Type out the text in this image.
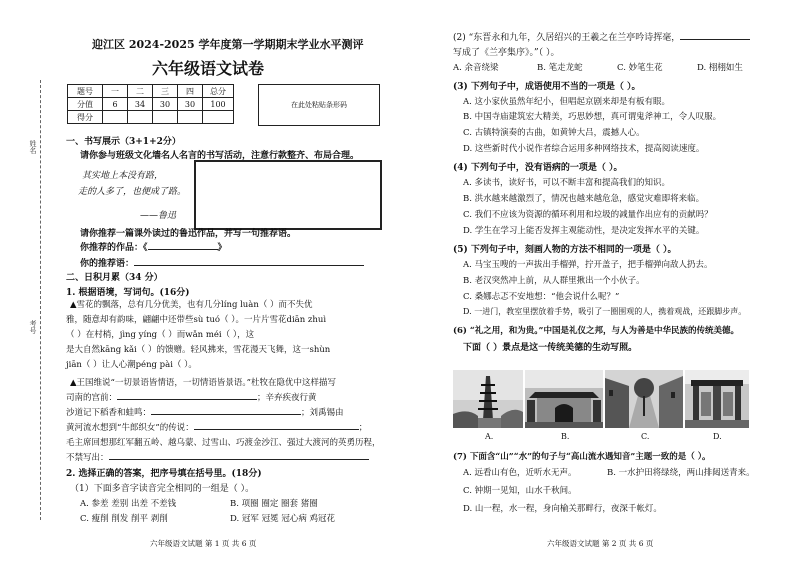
姓名
考号
迎江区 2024-2025 学年度第一学期期末学业水平测评
六年级语文试卷
题号	一	二	三	四	总分
分值	6	34	30	30	100
得分					
在此处粘贴条形码
一、书写展示（3+1+2分）
请你参与班级文化墙名人名言的书写活动，注意行款整齐、布局合理。
其实地上本没有路，
走的人多了，也便成了路。
——鲁迅
请你推荐一篇课外读过的鲁迅作品，并写一句推荐语。
你推荐的作品：《	》
你的推荐语：
二、日积月累（34 分）
1. 根据语境，写词句。(16分)
▲雪花的飘落，总有几分优美，也有几分líng luàn（ ）而不失优
雅，随意却有韵味，翩翩中还带些sù tuó（ ）。一片片雪花diān zhuì
（ ）在村梢，jìng yíng（ ）而wǎn méi（ ），这
是大自然kāng kǎi（ ）的馈赠。轻风拂来，雪花漫天飞舞，这一shùn
jiān（ ）让人心潮péng pài（ ）。
▲王国维说“一切景语皆情语，一切情语皆景语。”杜牧在隐优中这样描写
司南的宫前：	；辛弃疾夜行黄
沙道记下稻香和蛙鸣：	；刘禹锡由
黄河流水想到“牛郎织女”的传说：	；
毛主席回想那红军翻五岭、越乌蒙、过雪山、巧渡金沙江、强过大渡河的英勇历程，
不禁写出：
2. 选择正确的答案，把序号填在括号里。(18分)
（1）下面多音字读音完全相同的一组是（ ）。
A. 参差 差别 出差 不差钱	B. 项圈 圈定 圈套 猪圈
C. 瘦削 削发 削平 剥削	D. 冠军 冠冕 冠心病 鸡冠花
六年级语文试题 第 1 页 共 6 页
(2) “东晋永和九年，久居绍兴的王羲之在兰亭吟诗挥毫，
写成了《兰亭集序》。”（ ）。
A. 余音绕梁	B. 笔走龙蛇	C. 妙笔生花	D. 栩栩如生
(3) 下列句子中，成语使用不当的一项是（ ）。
A. 这小家伙虽然年纪小，但唱起京剧来却是有板有眼。
B. 中国寺庙建筑宏大精美，巧思妙想，真可谓鬼斧神工，令人叹服。
C. 古镇特演奏的古曲，如黄钟大吕，震撼人心。
D. 这些新时代小说作者综合运用多种网络技术，提高阅读速度。
(4) 下列句子中，没有语病的一项是（ ）。
A. 多读书，读好书，可以不断丰富和提高我们的知识。
B. 洪水越来越激烈了，情况也越来越危急，感觉灾难即将来临。
C. 我们不应该为资源的循环利用和垃圾的减量作出应有的贡献吗？
D. 学生在学习上能否发挥主观能动性，是决定发挥水平的关键。
(5) 下列句子中，刻画人物的方法不相同的一项是（ ）。
A. 马宝玉嗖的一声拔出手榴弹，拧开盖子，把手榴弹向敌人扔去。
B. 老汉突然冲上前，从人群里揪出一个小伙子。
C. 桑娜忐忑不安地想：“他会说什么呢？”
D. 一进门，教室里摆放着手势，吸引了一圈围观的人，携着观战，还跟脚步声。
(6) “礼之用，和为贵。”中国是礼仪之邦，与人为善是中华民族的传统美德。
下面（ ）景点是这一传统美德的生动写照。
A.	B.	C.	D.
(7) 下面含“山”“水”的句子与“高山流水遇知音”主题一致的是（ ）。
A. 远看山有色，近听水无声。	B. 一水护田将绿绕，两山排闼送青来。
C. 钟期一见知，山水千秋间。
D. 山一程，水一程，身向榆关那畔行，夜深千帐灯。
六年级语文试题 第 2 页 共 6 页
